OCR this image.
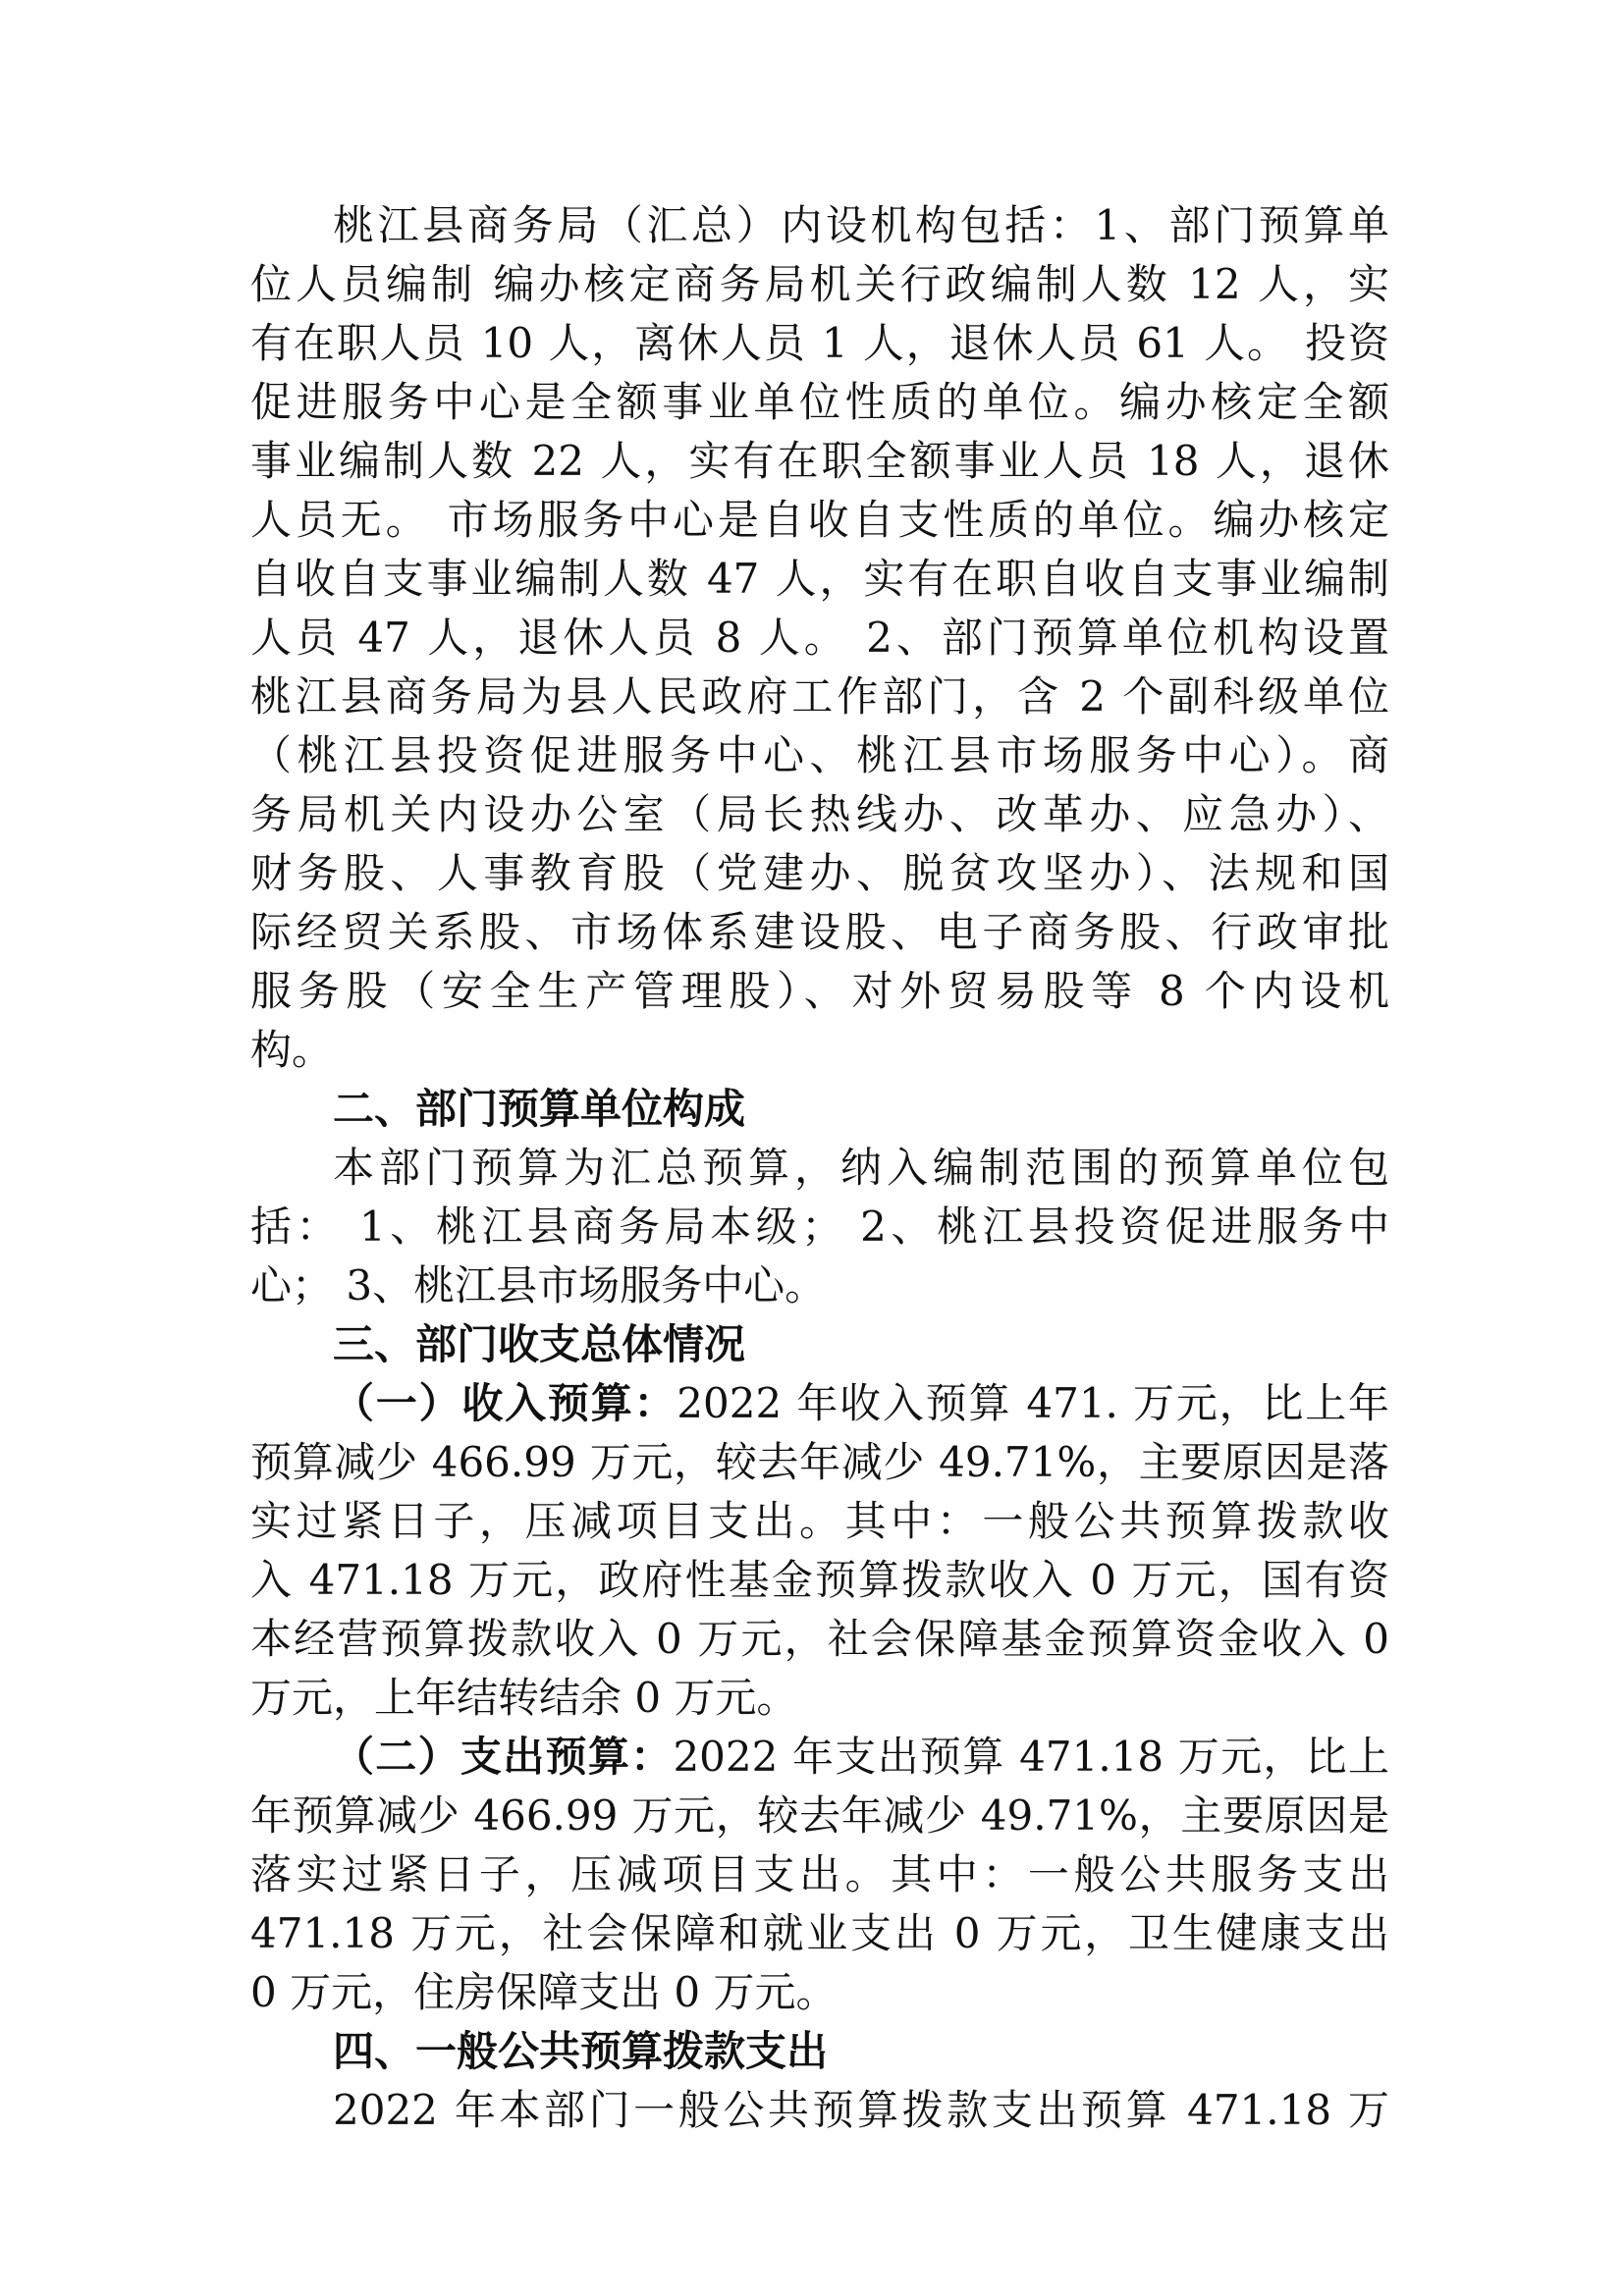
桃江县商务局（汇总）内设机构包括：1、部门预算单
位人员编制 编办核定商务局机关行政编制人数 12 人，实
有在职人员 10 人，离休人员 1 人，退休人员 61 人。 投资
促进服务中心是全额事业单位性质的单位。编办核定全额
事业编制人数 22 人，实有在职全额事业人员 18 人，退休
人员无。 市场服务中心是自收自支性质的单位。编办核定
自收自支事业编制人数 47 人，实有在职自收自支事业编制
人员 47 人，退休人员 8 人。 2、部门预算单位机构设置
桃江县商务局为县人民政府工作部门，含 2 个副科级单位
（桃江县投资促进服务中心、桃江县市场服务中心）。商
务局机关内设办公室（局长热线办、改革办、应急办）、
财务股、人事教育股（党建办、脱贫攻坚办）、法规和国
际经贸关系股、市场体系建设股、电子商务股、行政审批
服务股（安全生产管理股）、对外贸易股等 8 个内设机
构。
二、部门预算单位构成
本部门预算为汇总预算，纳入编制范围的预算单位包
括： 1、桃江县商务局本级； 2、桃江县投资促进服务中
心； 3、桃江县市场服务中心。
三、部门收支总体情况
（一）收入预算：2022 年收入预算 471. 万元，比上年
预算减少 466.99 万元，较去年减少 49.71%，主要原因是落
实过紧日子，压减项目支出。其中：一般公共预算拨款收
入 471.18 万元，政府性基金预算拨款收入 0 万元，国有资
本经营预算拨款收入 0 万元，社会保障基金预算资金收入 0
万元，上年结转结余 0 万元。
（二）支出预算：2022 年支出预算 471.18 万元，比上
年预算减少 466.99 万元，较去年减少 49.71%，主要原因是
落实过紧日子，压减项目支出。其中：一般公共服务支出
471.18 万元，社会保障和就业支出 0 万元，卫生健康支出
0 万元，住房保障支出 0 万元。
四、一般公共预算拨款支出
2022 年本部门一般公共预算拨款支出预算 471.18 万
